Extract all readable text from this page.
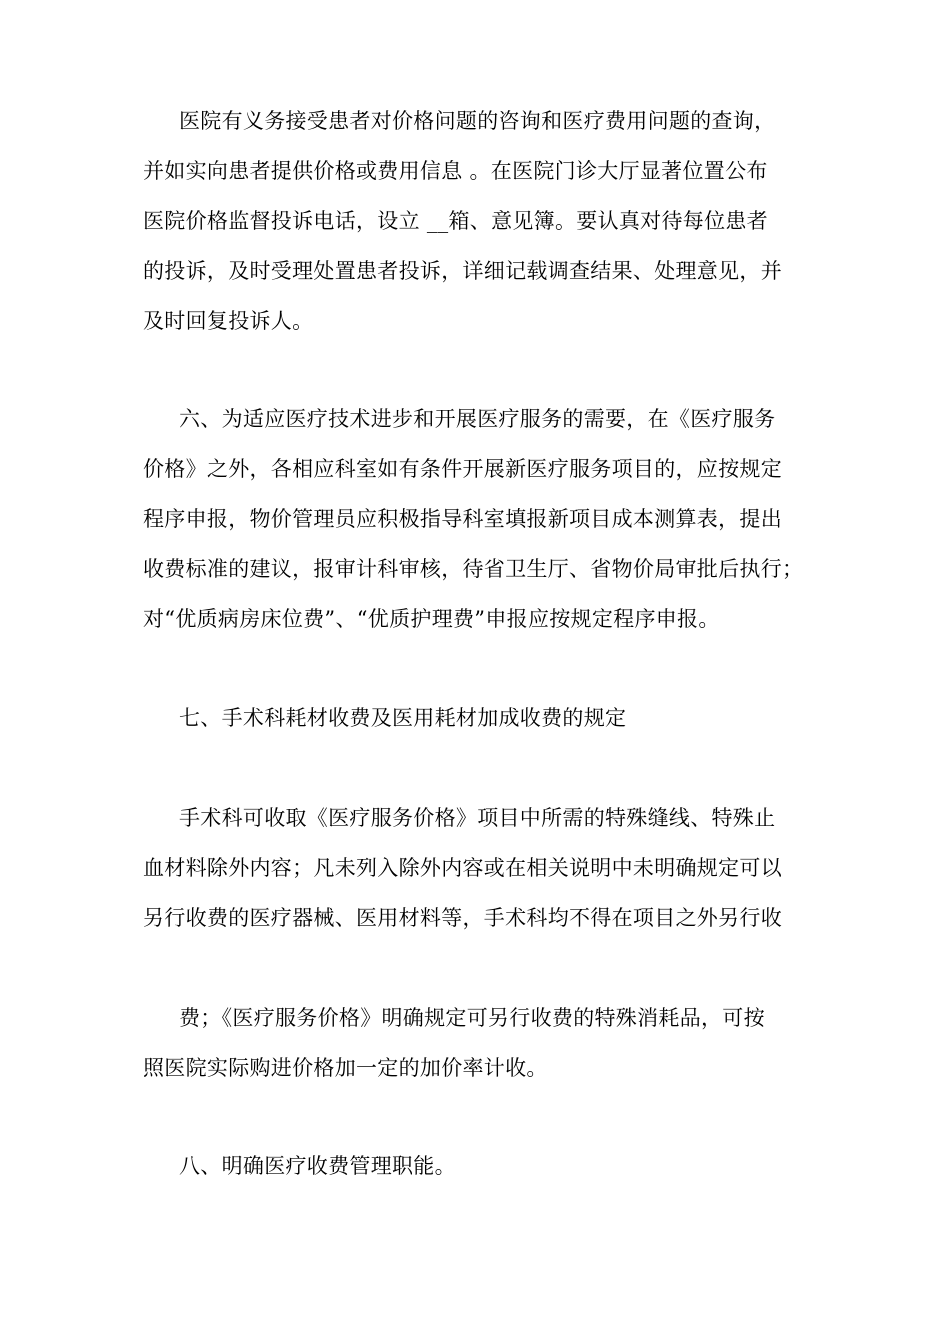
医院有义务接受患者对价格问题的咨询和医疗费用问题的查询，
并如实向患者提供价格或费用信息 。在医院门诊大厅显著位置公布
医院价格监督投诉电话，设立 __箱、意见簿。要认真对待每位患者
的投诉，及时受理处置患者投诉，详细记载调查结果、处理意见，并
及时回复投诉人。
六、为适应医疗技术进步和开展医疗服务的需要，在《医疗服务
价格》之外，各相应科室如有条件开展新医疗服务项目的，应按规定
程序申报，物价管理员应积极指导科室填报新项目成本测算表，提出
收费标准的建议，报审计科审核，待省卫生厅、省物价局审批后执行；
对“优质病房床位费”、“优质护理费”申报应按规定程序申报。
七、手术科耗材收费及医用耗材加成收费的规定
手术科可收取《医疗服务价格》项目中所需的特殊缝线、特殊止
血材料除外内容；凡未列入除外内容或在相关说明中未明确规定可以
另行收费的医疗器械、医用材料等，手术科均不得在项目之外另行收
费；《医疗服务价格》明确规定可另行收费的特殊消耗品，可按
照医院实际购进价格加一定的加价率计收。
八、明确医疗收费管理职能。
